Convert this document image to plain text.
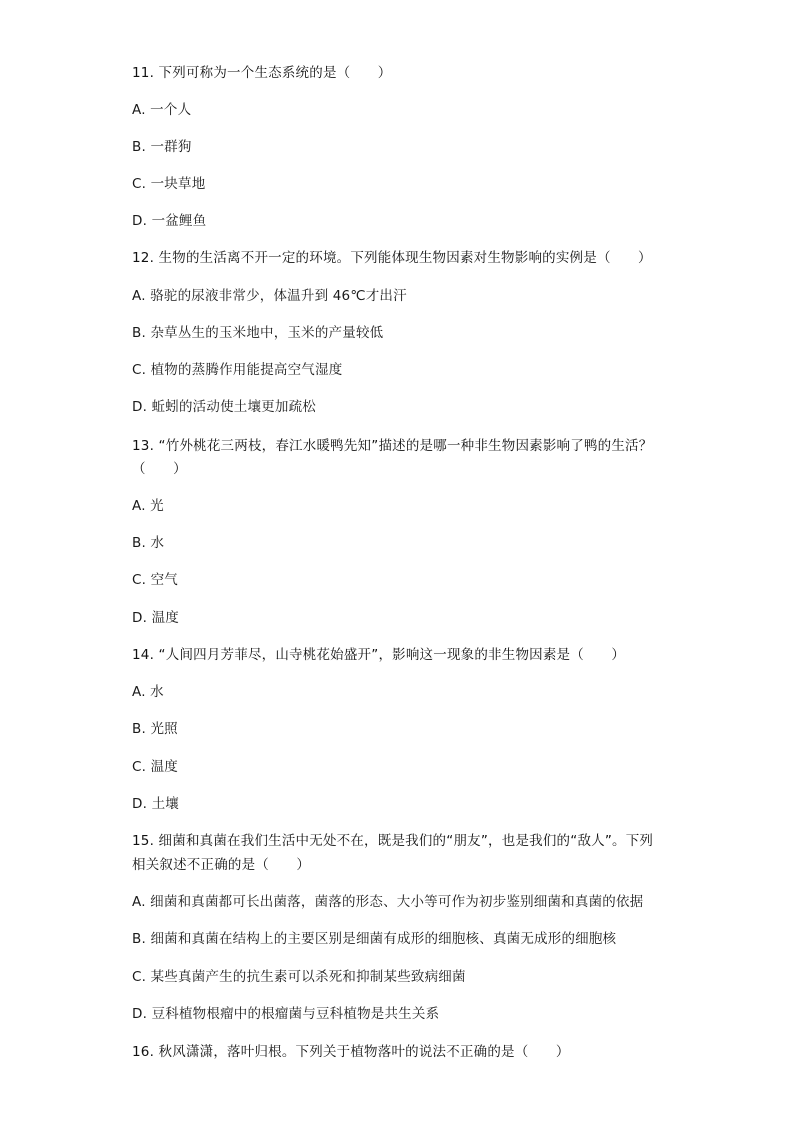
11. 下列可称为一个生态系统的是（　　）
A. 一个人
B. 一群狗
C. 一块草地
D. 一盆鲤鱼
12. 生物的生活离不开一定的环境。下列能体现生物因素对生物影响的实例是（　　）
A. 骆驼的尿液非常少，体温升到 46℃才出汗
B. 杂草丛生的玉米地中，玉米的产量较低
C. 植物的蒸腾作用能提高空气湿度
D. 蚯蚓的活动使土壤更加疏松
13. “竹外桃花三两枝，春江水暖鸭先知”描述的是哪一种非生物因素影响了鸭的生活？
（　　）
A. 光
B. 水
C. 空气
D. 温度
14. “人间四月芳菲尽，山寺桃花始盛开”，影响这一现象的非生物因素是（　　）
A. 水
B. 光照
C. 温度
D. 土壤
15. 细菌和真菌在我们生活中无处不在，既是我们的“朋友”，也是我们的“敌人”。下列
相关叙述不正确的是（　　）
A. 细菌和真菌都可长出菌落，菌落的形态、大小等可作为初步鉴别细菌和真菌的依据
B. 细菌和真菌在结构上的主要区别是细菌有成形的细胞核、真菌无成形的细胞核
C. 某些真菌产生的抗生素可以杀死和抑制某些致病细菌
D. 豆科植物根瘤中的根瘤菌与豆科植物是共生关系
16. 秋风潇潇，落叶归根。下列关于植物落叶的说法不正确的是（　　）
